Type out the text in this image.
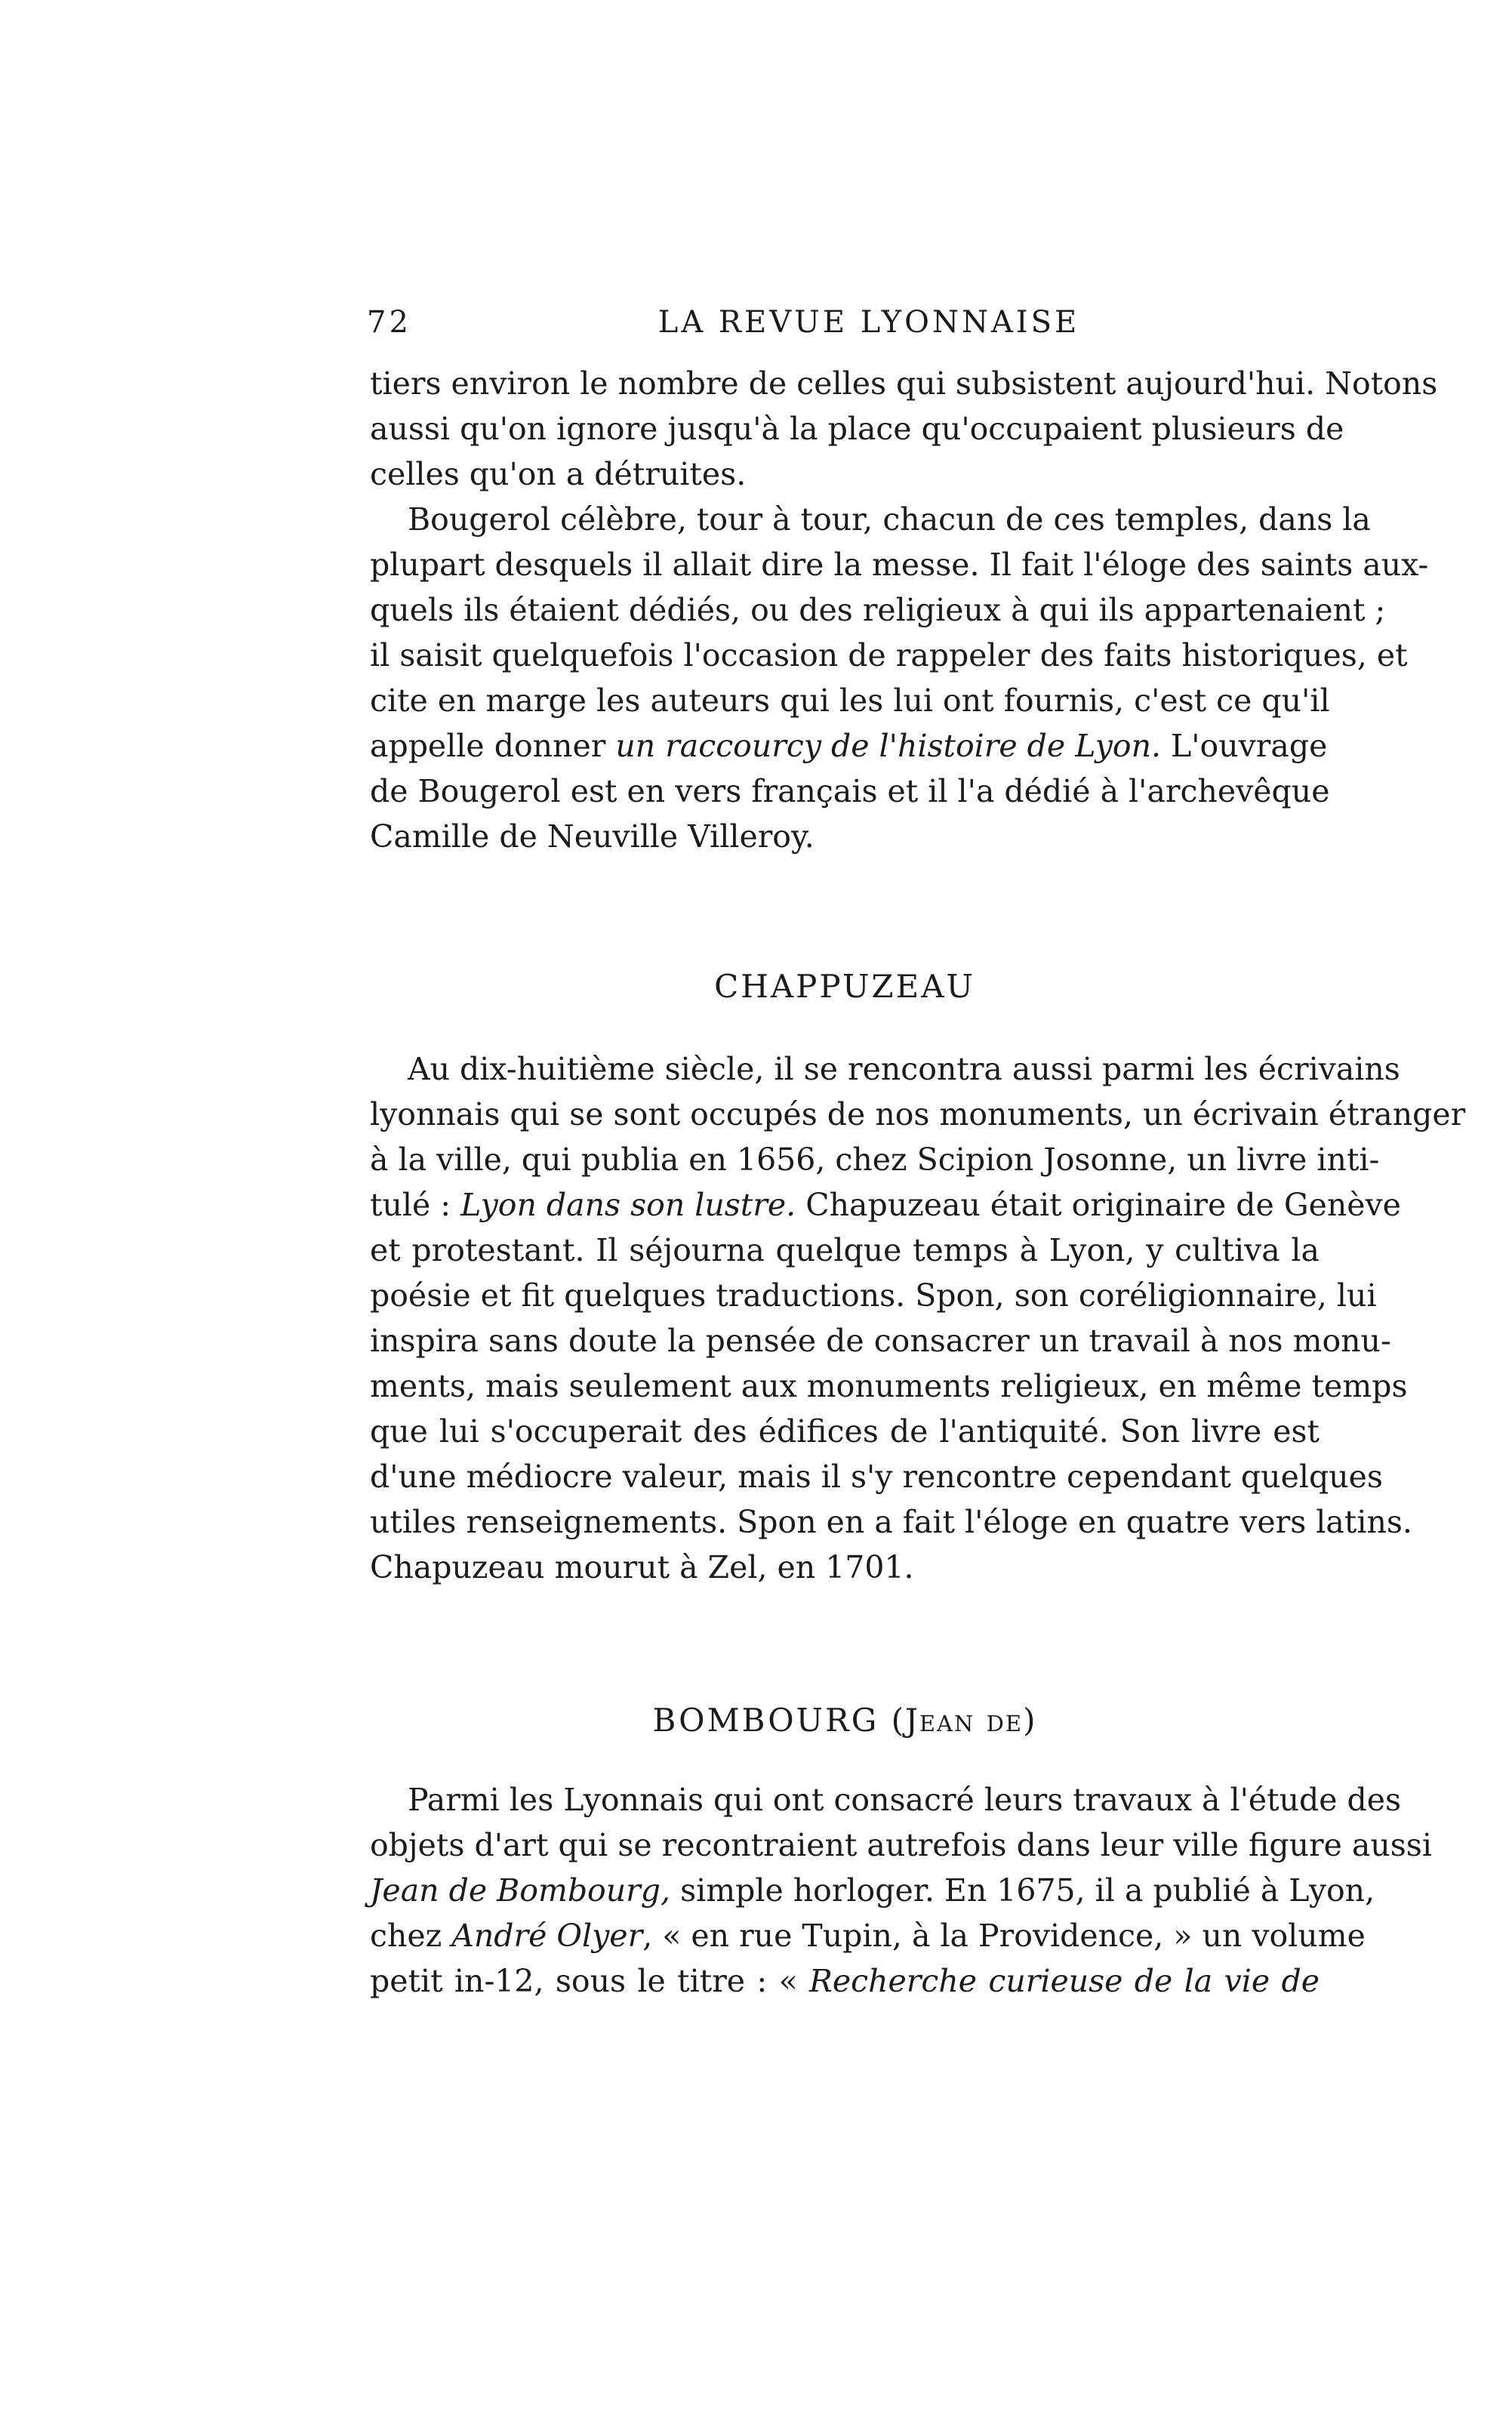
72	LA REVUE LYONNAISE
tiers environ le nombre de celles qui subsistent aujourd'hui. Notons
aussi qu'on ignore jusqu'à la place qu'occupaient plusieurs de
celles qu'on a détruites.
Bougerol célèbre, tour à tour, chacun de ces temples, dans la
plupart desquels il allait dire la messe. Il fait l'éloge des saints aux-
quels ils étaient dédiés, ou des religieux à qui ils appartenaient ;
il saisit quelquefois l'occasion de rappeler des faits historiques, et
cite en marge les auteurs qui les lui ont fournis, c'est ce qu'il
appelle donner un raccourcy de l'histoire de Lyon. L'ouvrage
de Bougerol est en vers français et il l'a dédié à l'archevêque
Camille de Neuville Villeroy.
CHAPPUZEAU
Au dix-huitième siècle, il se rencontra aussi parmi les écrivains
lyonnais qui se sont occupés de nos monuments, un écrivain étranger
à la ville, qui publia en 1656, chez Scipion Josonne, un livre inti-
tulé : Lyon dans son lustre. Chapuzeau était originaire de Genève
et protestant. Il séjourna quelque temps à Lyon, y cultiva la
poésie et fit quelques traductions. Spon, son coréligionnaire, lui
inspira sans doute la pensée de consacrer un travail à nos monu-
ments, mais seulement aux monuments religieux, en même temps
que lui s'occuperait des édifices de l'antiquité. Son livre est
d'une médiocre valeur, mais il s'y rencontre cependant quelques
utiles renseignements. Spon en a fait l'éloge en quatre vers latins.
Chapuzeau mourut à Zel, en 1701.
BOMBOURG (Jean de)
Parmi les Lyonnais qui ont consacré leurs travaux à l'étude des
objets d'art qui se recontraient autrefois dans leur ville figure aussi
Jean de Bombourg, simple horloger. En 1675, il a publié à Lyon,
chez André Olyer, « en rue Tupin, à la Providence, » un volume
petit in-12, sous le titre : « Recherche curieuse de la vie de
